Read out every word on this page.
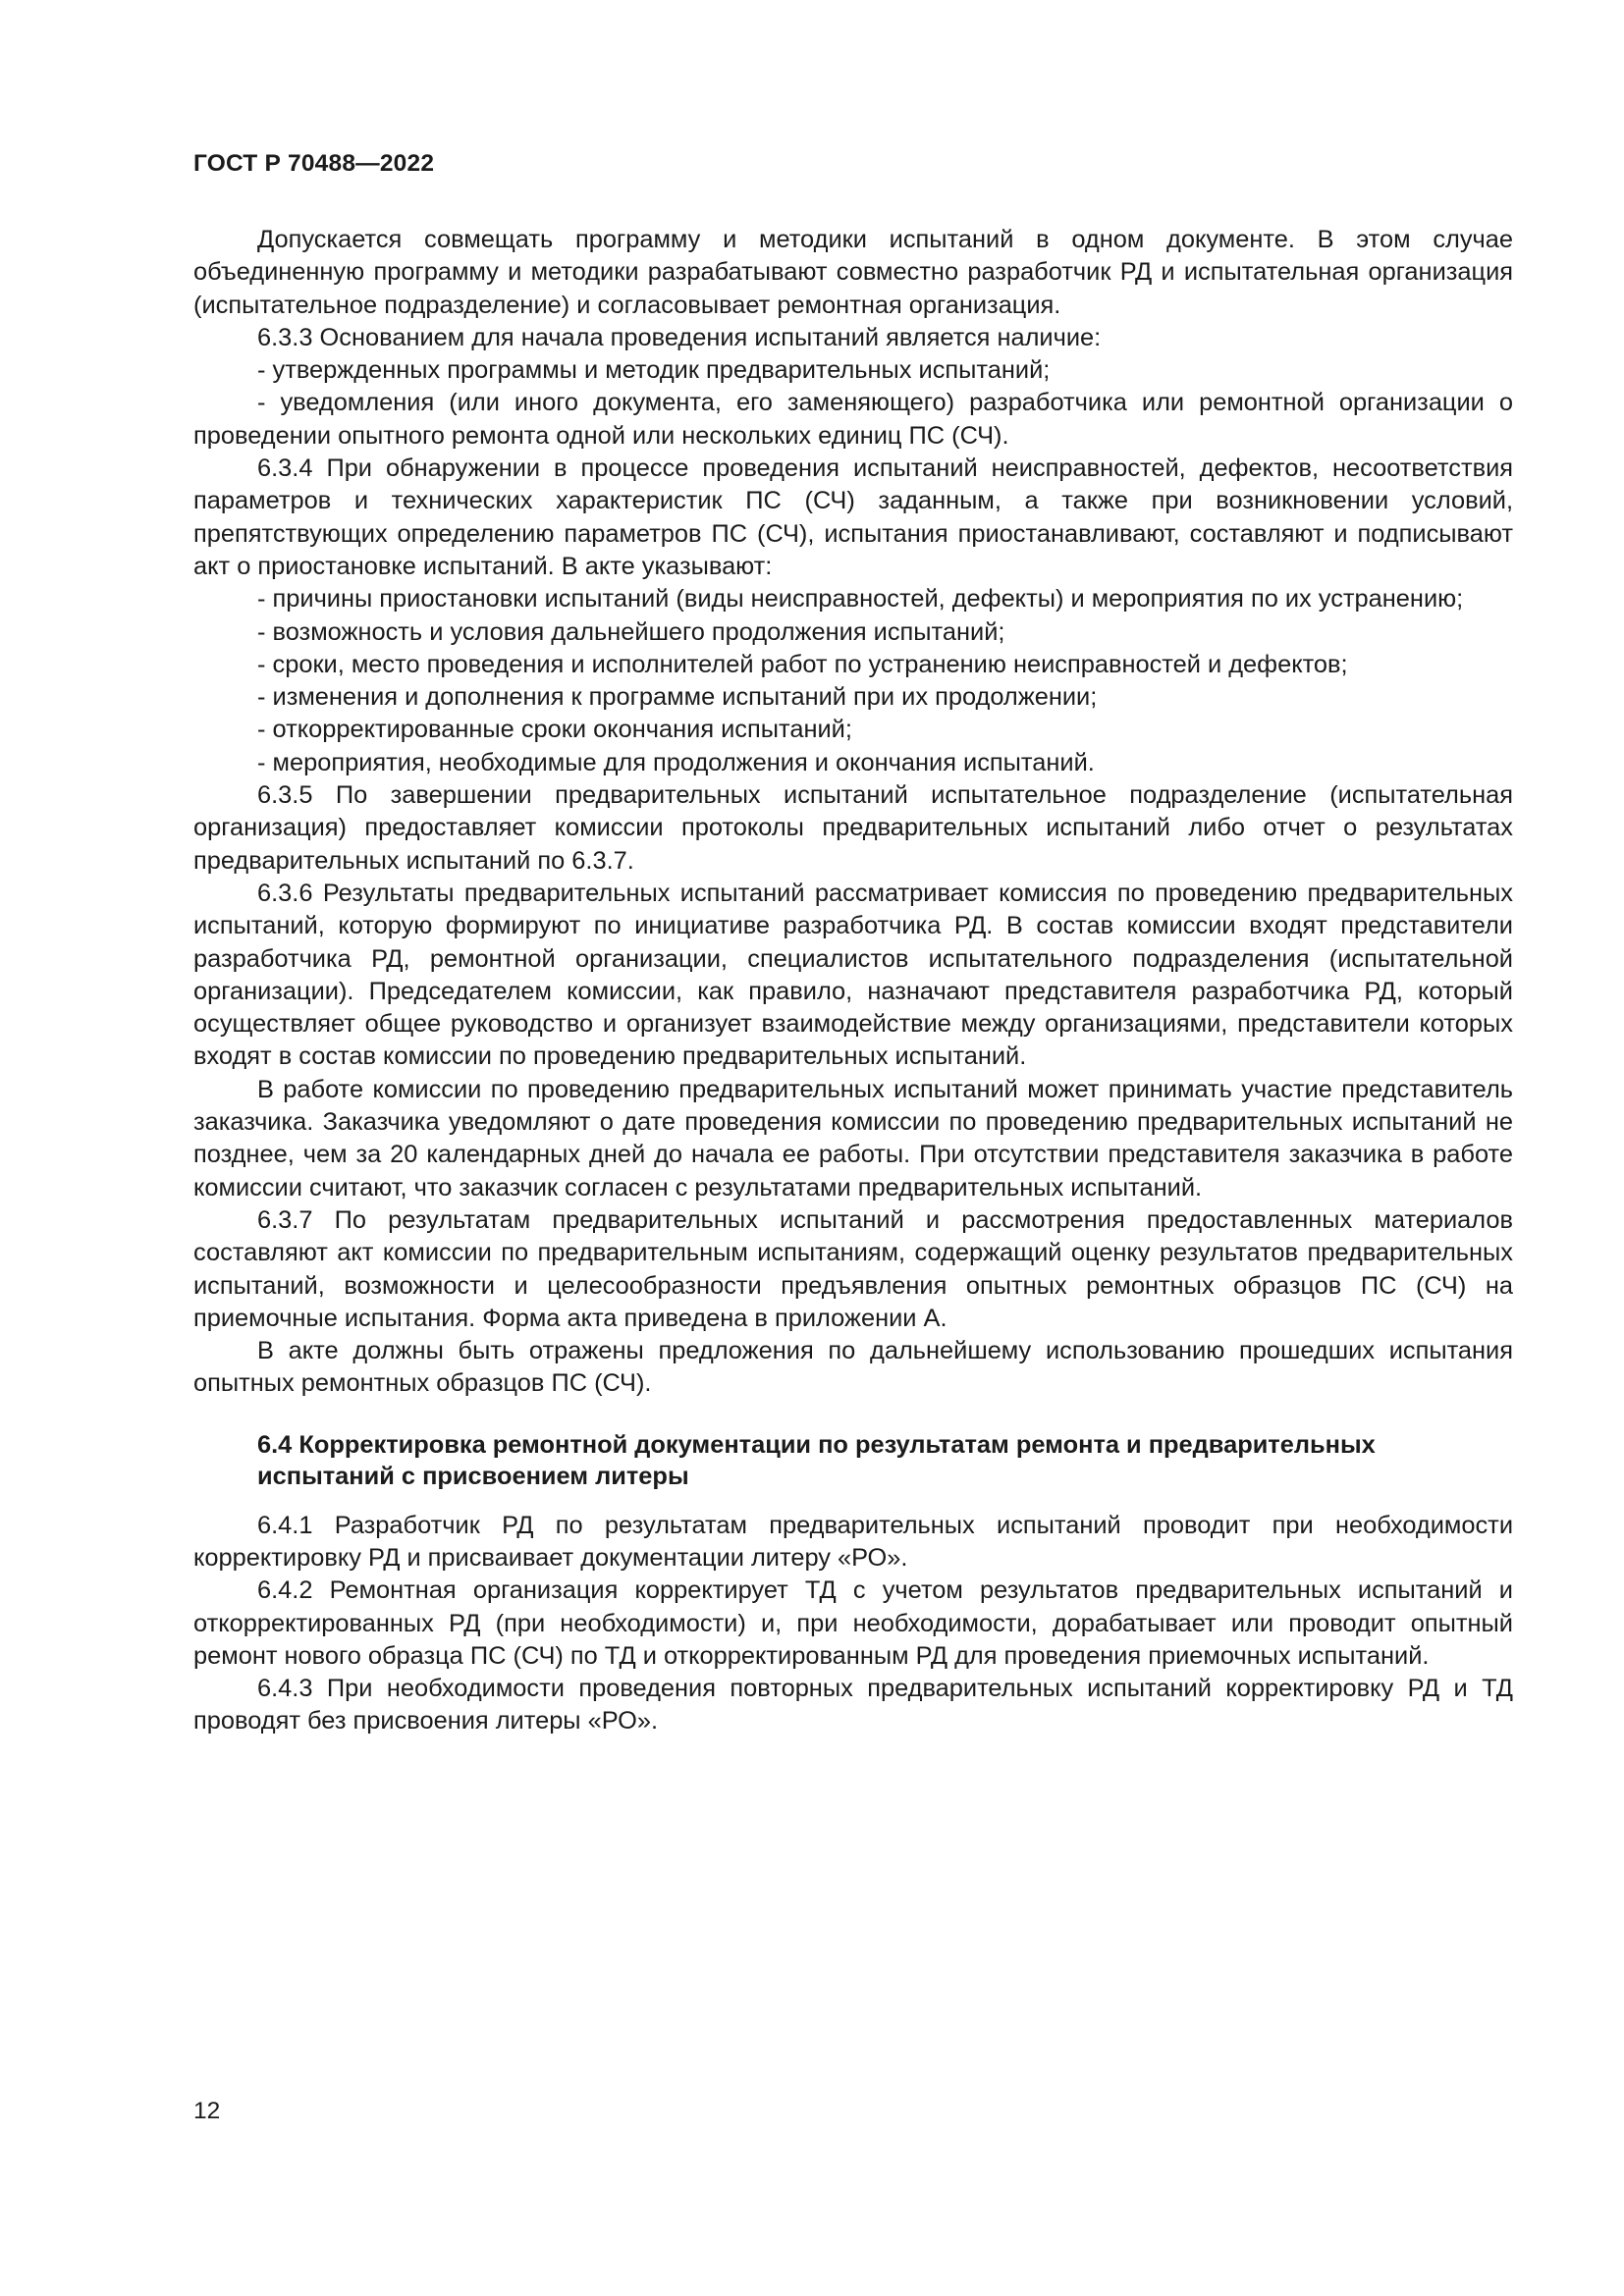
ГОСТ Р 70488—2022

Допускается совмещать программу и методики испытаний в одном документе. В этом случае объединенную программу и методики разрабатывают совместно разработчик РД и испытательная организация (испытательное подразделение) и согласовывает ремонтная организация.

6.3.3 Основанием для начала проведения испытаний является наличие:

- утвержденных программы и методик предварительных испытаний;

- уведомления (или иного документа, его заменяющего) разработчика или ремонтной организации о проведении опытного ремонта одной или нескольких единиц ПС (СЧ).

6.3.4 При обнаружении в процессе проведения испытаний неисправностей, дефектов, несоответствия параметров и технических характеристик ПС (СЧ) заданным, а также при возникновении условий, препятствующих определению параметров ПС (СЧ), испытания приостанавливают, составляют и подписывают акт о приостановке испытаний. В акте указывают:

- причины приостановки испытаний (виды неисправностей, дефекты) и мероприятия по их устранению;

- возможность и условия дальнейшего продолжения испытаний;

- сроки, место проведения и исполнителей работ по устранению неисправностей и дефектов;

- изменения и дополнения к программе испытаний при их продолжении;

- откорректированные сроки окончания испытаний;

- мероприятия, необходимые для продолжения и окончания испытаний.

6.3.5 По завершении предварительных испытаний испытательное подразделение (испытательная организация) предоставляет комиссии протоколы предварительных испытаний либо отчет о результатах предварительных испытаний по 6.3.7.

6.3.6 Результаты предварительных испытаний рассматривает комиссия по проведению предварительных испытаний, которую формируют по инициативе разработчика РД. В состав комиссии входят представители разработчика РД, ремонтной организации, специалистов испытательного подразделения (испытательной организации). Председателем комиссии, как правило, назначают представителя разработчика РД, который осуществляет общее руководство и организует взаимодействие между организациями, представители которых входят в состав комиссии по проведению предварительных испытаний.

В работе комиссии по проведению предварительных испытаний может принимать участие представитель заказчика. Заказчика уведомляют о дате проведения комиссии по проведению предварительных испытаний не позднее, чем за 20 календарных дней до начала ее работы. При отсутствии представителя заказчика в работе комиссии считают, что заказчик согласен с результатами предварительных испытаний.

6.3.7 По результатам предварительных испытаний и рассмотрения предоставленных материалов составляют акт комиссии по предварительным испытаниям, содержащий оценку результатов предварительных испытаний, возможности и целесообразности предъявления опытных ремонтных образцов ПС (СЧ) на приемочные испытания. Форма акта приведена в приложении А.

В акте должны быть отражены предложения по дальнейшему использованию прошедших испытания опытных ремонтных образцов ПС (СЧ).

6.4 Корректировка ремонтной документации по результатам ремонта и предварительных испытаний с присвоением литеры

6.4.1 Разработчик РД по результатам предварительных испытаний проводит при необходимости корректировку РД и присваивает документации литеру «РО».

6.4.2 Ремонтная организация корректирует ТД с учетом результатов предварительных испытаний и откорректированных РД (при необходимости) и, при необходимости, дорабатывает или проводит опытный ремонт нового образца ПС (СЧ) по ТД и откорректированным РД для проведения приемочных испытаний.

6.4.3 При необходимости проведения повторных предварительных испытаний корректировку РД и ТД проводят без присвоения литеры «РО».

12
